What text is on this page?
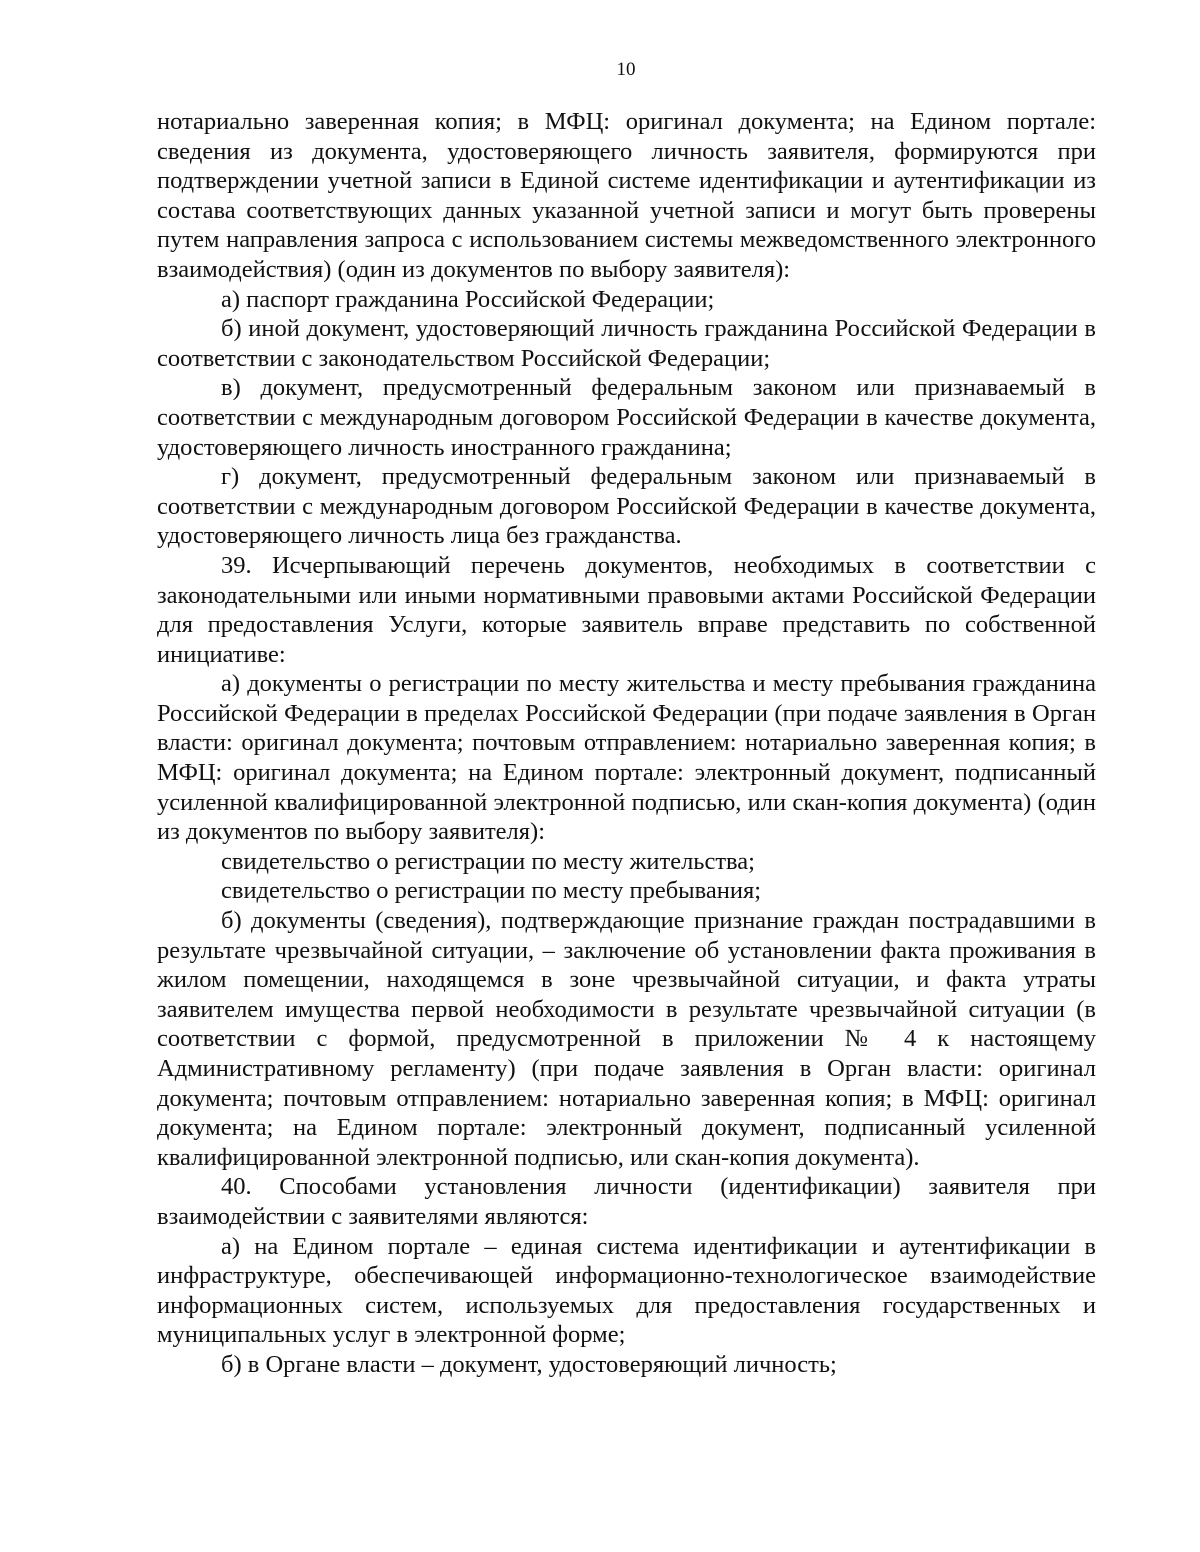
10

нотариально заверенная копия; в МФЦ: оригинал документа; на Едином портале: сведения из документа, удостоверяющего личность заявителя, формируются при подтверждении учетной записи в Единой системе идентификации и аутентификации из состава соответствующих данных указанной учетной записи и могут быть проверены путем направления запроса с использованием системы межведомственного электронного взаимодействия) (один из документов по выбору заявителя):

а) паспорт гражданина Российской Федерации;

б) иной документ, удостоверяющий личность гражданина Российской Федерации в соответствии с законодательством Российской Федерации;

в) документ, предусмотренный федеральным законом или признаваемый в соответствии с международным договором Российской Федерации в качестве документа, удостоверяющего личность иностранного гражданина;

г) документ, предусмотренный федеральным законом или признаваемый в соответствии с международным договором Российской Федерации в качестве документа, удостоверяющего личность лица без гражданства.

39. Исчерпывающий перечень документов, необходимых в соответствии с законодательными или иными нормативными правовыми актами Российской Федерации для предоставления Услуги, которые заявитель вправе представить по собственной инициативе:

а) документы о регистрации по месту жительства и месту пребывания гражданина Российской Федерации в пределах Российской Федерации (при подаче заявления в Орган власти: оригинал документа; почтовым отправлением: нотариально заверенная копия; в МФЦ: оригинал документа; на Едином портале: электронный документ, подписанный усиленной квалифицированной электронной подписью, или скан-копия документа) (один из документов по выбору заявителя):

свидетельство о регистрации по месту жительства;

свидетельство о регистрации по месту пребывания;

б) документы (сведения), подтверждающие признание граждан пострадавшими в результате чрезвычайной ситуации, – заключение об установлении факта проживания в жилом помещении, находящемся в зоне чрезвычайной ситуации, и факта утраты заявителем имущества первой необходимости в результате чрезвычайной ситуации (в соответствии с формой, предусмотренной в приложении № 4 к настоящему Административному регламенту) (при подаче заявления в Орган власти: оригинал документа; почтовым отправлением: нотариально заверенная копия; в МФЦ: оригинал документа; на Едином портале: электронный документ, подписанный усиленной квалифицированной электронной подписью, или скан-копия документа).

40. Способами установления личности (идентификации) заявителя при взаимодействии с заявителями являются:

а) на Едином портале – единая система идентификации и аутентификации в инфраструктуре, обеспечивающей информационно-технологическое взаимодействие информационных систем, используемых для предоставления государственных и муниципальных услуг в электронной форме;

б) в Органе власти – документ, удостоверяющий личность;
